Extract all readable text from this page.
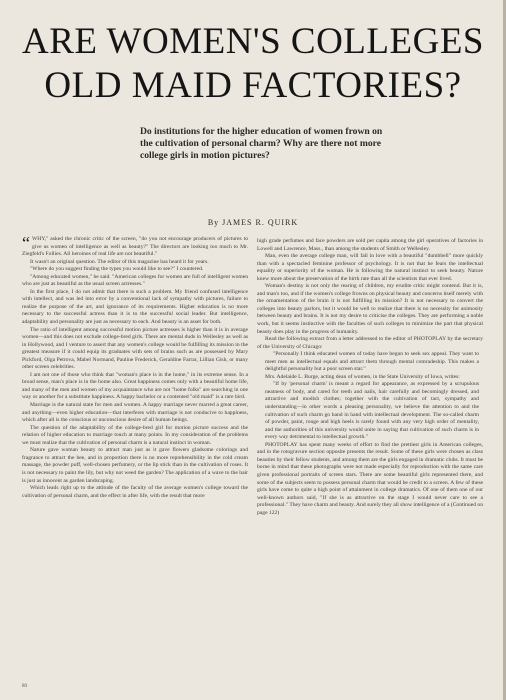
ARE WOMEN'S COLLEGES
OLD MAID FACTORIES?

Do institutions for the higher education of women frown on the cultivation of personal charm? Why are there not more college girls in motion pictures?

By JAMES R. QUIRK

“ WHY," asked the chronic critic of the screen, "do you not encourage producers of pictures to give us women of intelligence as well as beauty?" The directors are looking too much to Mr. Ziegfeld's Follies. All heroines of real life are not beautiful."

It wasn't an original question. The editor of this magazine has heard it for years.

"Where do you suggest finding the types you would like to see?" I countered.

"Among educated women," he said. "American colleges for women are full of intelligent women who are just as beautiful as the usual screen actresses."

In the first place, I do not admit that there is such a problem. My friend confused intelligence with intellect, and was led into error by a conventional lack of sympathy with pictures, failure to realize the purpose of the art, and ignorance of its requirements. Higher education is no more necessary to the successful actress than it is to the successful social leader. But intelligence, adaptability and personality are just as necessary to each. And beauty is an asset for both.

The ratio of intelligent among successful motion picture actresses is higher than it is in average women—and this does not exclude college-bred girls. There are mental duds in Wellesley as well as in Hollywood, and I venture to assert that any women's college would be fulfilling its mission in the greatest measure if it could equip its graduates with sets of brains such as are possessed by Mary Pickford, Olga Petrova, Mabel Normand, Pauline Frederick, Geraldine Farrar, Lillian Gish, or many other screen celebrities.

I am not one of those who think that "woman's place is in the home," in its extreme sense. In a broad sense, man's place is in the home also. Great happiness comes only with a beautiful home life, and many of the men and women of my acquaintance who are not "home folks" are searching in one way or another for a substitute happiness. A happy bachelor or a contented "old maid" is a rare bird.

Marriage is the natural state for men and women. A happy marriage never marred a great career, and anything—even higher education—that interferes with marriage is not conducive to happiness, which after all is the conscious or unconscious desire of all human beings.

The question of the adaptability of the college-bred girl for motion picture success and the relation of higher education to marriage touch at many points. In my consideration of the problems we must realize that the cultivation of personal charm is a natural instinct in woman.

Nature gave woman beauty to attract man just as it gave flowers gladsome colorings and fragrance to attract the bee, and in proportion there is no more reprehensibility in the cold cream massage, the powder puff, well-chosen perfumery, or the lip stick than in the cultivation of roses. It is not necessary to paint the lily, but why not weed the garden? The application of a wave to the hair is just as innocent as garden landscaping.

Which leads right up to the attitude of the faculty of the average women's college toward the cultivation of personal charm, and the effect in after life, with the result that more

high grade perfumes and face powders are sold per capita among the girl operatives of factories in Lowell and Lawrence, Mass., than among the students of Smith or Wellesley.

Man, even the average college man, will fall in love with a beautiful "dumbbell" more quickly than with a spectacled feminine professor of psychology. It is not that he fears the intellectual equality or superiority of the woman. He is following the natural instinct to seek beauty. Nature knew more about the preservation of the birth rate than all the scientists that ever lived.

Woman's destiny is not only the rearing of children, my erudite critic might contend. But it is, and man's too, and if the women's college frowns on physical beauty and concerns itself merely with the ornamentation of the brain it is not fulfilling its mission? It is not necessary to convert the colleges into beauty parlors, but it would be well to realize that there is no necessity for animosity between beauty and brains. It is not my desire to criticise the colleges. They are performing a noble work, but it seems instinctive with the faculties of such colleges to minimize the part that physical beauty does play in the progress of humanity.

Read the following extract from a letter addressed to the editor of PHOTOPLAY by the secretary of the University of Chicago:

"Personally I think educated women of today have begun to seek sex appeal. They want to meet men as intellectual equals and attract them through mental comradeship. This makes a delightful personality but a poor screen star."

Mrs. Adelaide L. Burge, acting dean of women, in the State University of Iowa, writes:

"If by 'personal charm' is meant a regard for appearance, as expressed by a scrupulous neatness of body, and cared for teeth and nails, hair carefully and becomingly dressed, and attractive and modish clothes; together with the cultivation of tact, sympathy and understanding—in other words a pleasing personality, we believe the attention to and the cultivation of such charm go hand in hand with intellectual development. The so-called charm of powder, paint, rouge and high heels is rarely found with any very high order of mentality, and the authorities of this university would unite in saying that cultivation of such charm is in every way detrimental to intellectual growth."

PHOTOPLAY has spent many weeks of effort to find the prettiest girls in American colleges, and in the rotogravure section opposite presents the result. Some of these girls were chosen as class beauties by their fellow students, and among them are the girls engaged in dramatic clubs. It must be borne in mind that these photographs were not made especially for reproduction with the same care given professional portraits of screen stars. There are some beautiful girls represented there, and some of the subjects seem to possess personal charm that would be credit to a screen. A few of these girls have come to quite a high point of attainment in college dramatics. Of one of them one of our well-known authors said, "If she is as attractive on the stage I would never care to see a professional." They have charm and beauty. And surely they all show intelligence of a (Continued on page 122)

80
